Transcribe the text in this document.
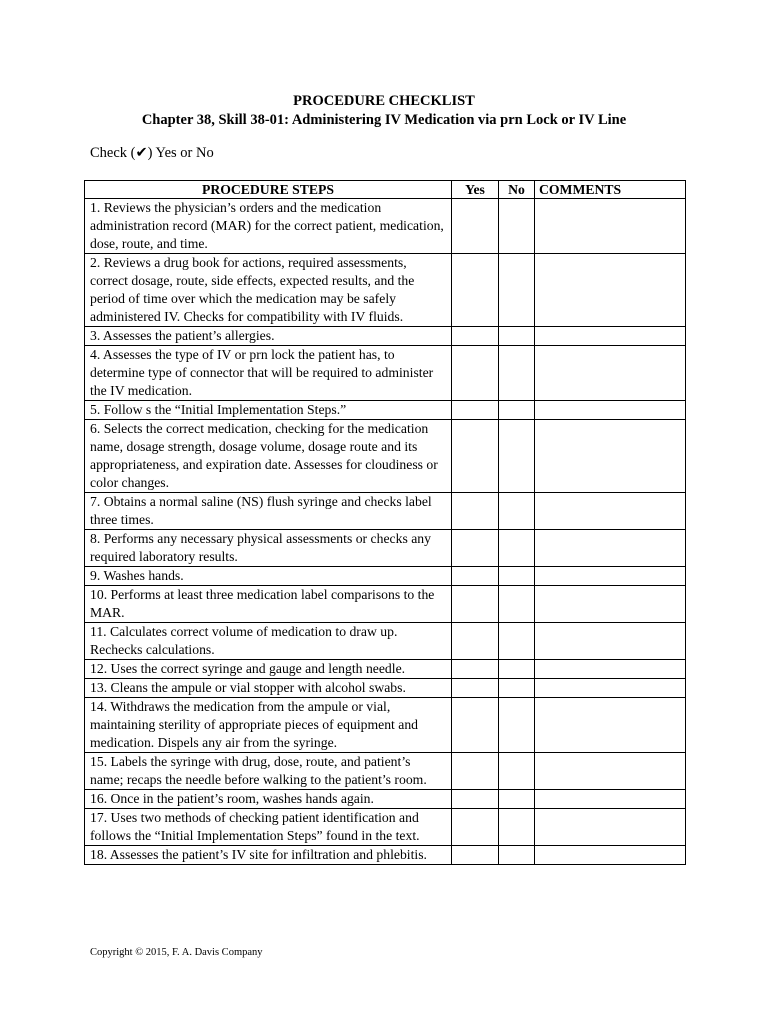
PROCEDURE CHECKLIST
Chapter 38, Skill 38-01: Administering IV Medication via prn Lock or IV Line
Check (✔) Yes or No
PROCEDURE STEPS	Yes	No	COMMENTS
1. Reviews the physician’s orders and the medication administration record (MAR) for the correct patient, medication, dose, route, and time.			
2. Reviews a drug book for actions, required assessments, correct dosage, route, side effects, expected results, and the period of time over which the medication may be safely administered IV. Checks for compatibility with IV fluids.			
3. Assesses the patient’s allergies.			
4. Assesses the type of IV or prn lock the patient has, to determine type of connector that will be required to administer the IV medication.			
5. Follow s the “Initial Implementation Steps.”			
6. Selects the correct medication, checking for the medication name, dosage strength, dosage volume, dosage route and its appropriateness, and expiration date. Assesses for cloudiness or color changes.			
7. Obtains a normal saline (NS) flush syringe and checks label three times.			
8. Performs any necessary physical assessments or checks any required laboratory results.			
9. Washes hands.			
10. Performs at least three medication label comparisons to the MAR.			
11. Calculates correct volume of medication to draw up. Rechecks calculations.			
12. Uses the correct syringe and gauge and length needle.			
13. Cleans the ampule or vial stopper with alcohol swabs.			
14. Withdraws the medication from the ampule or vial, maintaining sterility of appropriate pieces of equipment and medication. Dispels any air from the syringe.			
15. Labels the syringe with drug, dose, route, and patient’s name; recaps the needle before walking to the patient’s room.			
16. Once in the patient’s room, washes hands again.			
17. Uses two methods of checking patient identification and follows the “Initial Implementation Steps” found in the text.			
18. Assesses the patient’s IV site for infiltration and phlebitis.			
Copyright © 2015, F. A. Davis Company
